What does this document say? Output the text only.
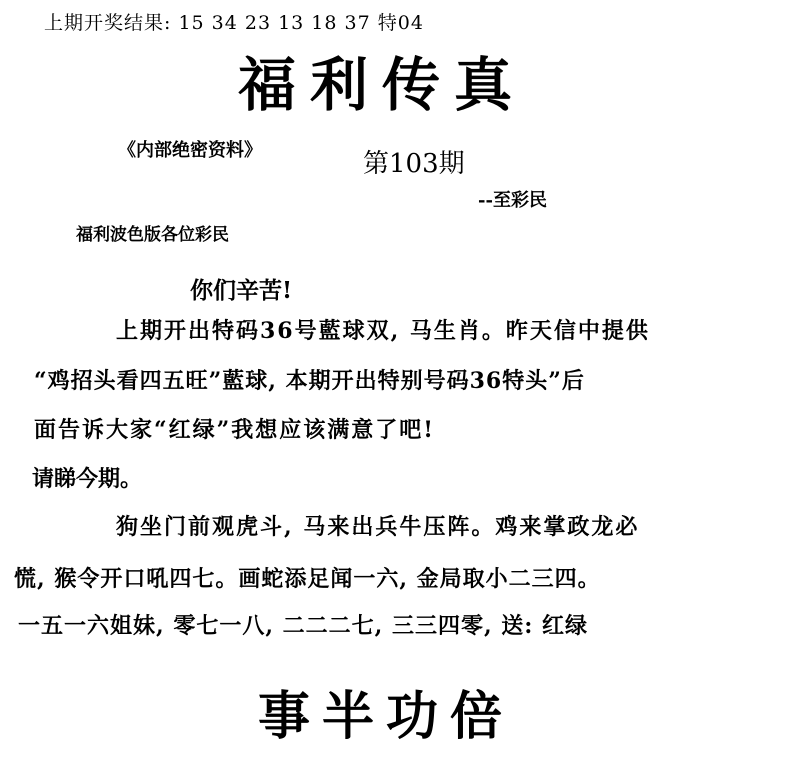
上期开奖结果: 15 34 23 13 18 37 特04
福利传真
《内部绝密资料》	第103期
--至彩民
福利波色版各位彩民
你们辛苦!
上期开出特码36号藍球双, 马生肖。昨天信中提供
“鸡招头看四五旺”藍球, 本期开出特别号码36特头”后
面告诉大家“红绿”我想应该满意了吧!
请睇今期。
狗坐门前观虎斗, 马来出兵牛压阵。鸡来掌政龙必
慌, 猴令开口吼四七。画蛇添足闻一六, 金局取小二三四。
一五一六姐妹, 零七一八, 二二二七, 三三四零, 送: 红绿
事半功倍
